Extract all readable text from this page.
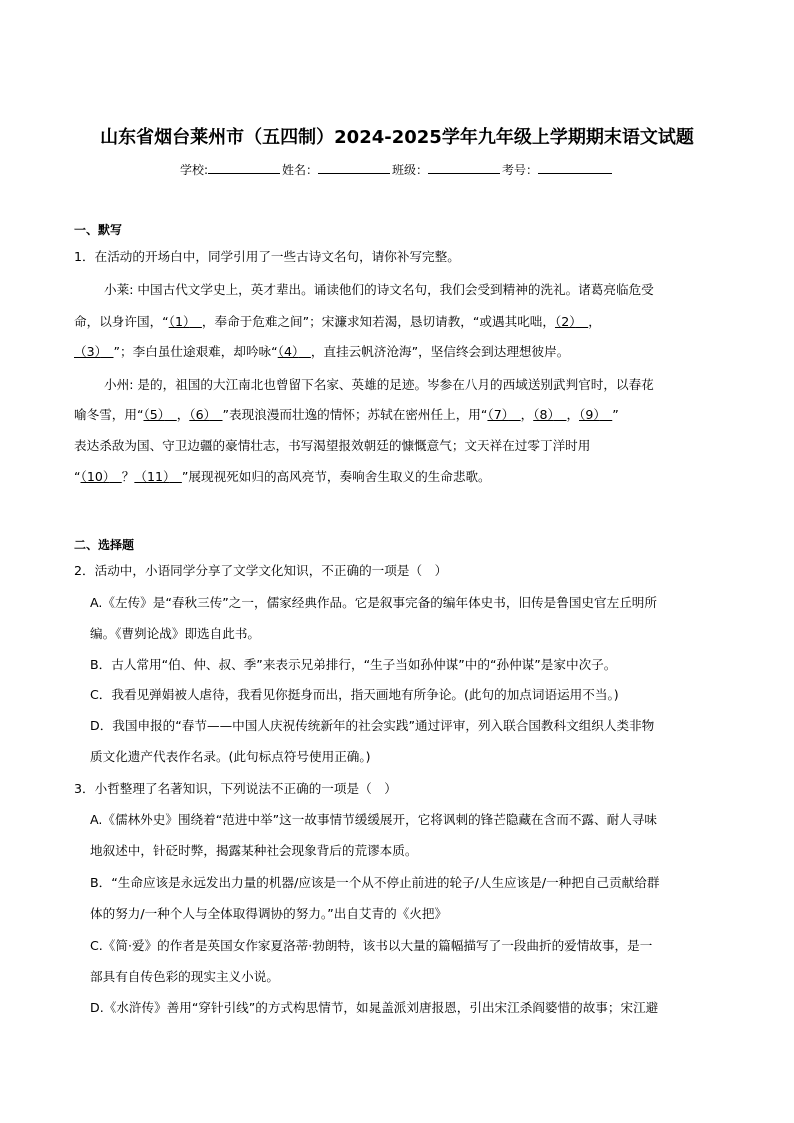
山东省烟台莱州市（五四制）2024-2025学年九年级上学期期末语文试题
学校:	姓名：	班级：	考号：
一、默写
1．在活动的开场白中，同学引用了一些古诗文名句，请你补写完整。
小莱: 中国古代文学史上，英才辈出。诵读他们的诗文名句，我们会受到精神的洗礼。诸葛亮临危受
命，以身许国，“（1）　 ，奉命于危难之间”；宋濂求知若渴，恳切请教，“或遇其叱咄，（2）　 ，
（3）　 ”；李白虽仕途艰难，却吟咏“（4）　 ，直挂云帆济沧海”，坚信终会到达理想彼岸。
小州: 是的，祖国的大江南北也曾留下名家、英雄的足迹。岑参在八月的西域送别武判官时，以春花
喻冬雪，用“（5）　 ，（6）　 ”表现浪漫而壮逸的情怀；苏轼在密州任上，用“（7）　 ，（8）　 ，（9）　 ”
表达杀敌为国、守卫边疆的豪情壮志，书写渴望报效朝廷的慷慨意气；文天祥在过零丁洋时用
“（10）　 ？（11）　 ”展现视死如归的高风亮节，奏响舍生取义的生命悲歌。
二、选择题
2．活动中，小语同学分享了文学文化知识，不正确的一项是（　）
A.《左传》是“春秋三传”之一，儒家经典作品。它是叙事完备的编年体史书，旧传是鲁国史官左丘明所
编。《曹刿论战》即选自此书。
B．古人常用“伯、仲、叔、季”来表示兄弟排行，“生子当如孙仲谋”中的“孙仲谋”是家中次子。
C．我看见弹娟被人虐待，我看见你挺身而出，指天画地有所争论。(此句的加点词语运用不当。)
D．我国申报的“春节——中国人庆祝传统新年的社会实践”通过评审，列入联合国教科文组织人类非物
质文化遗产代表作名录。(此句标点符号使用正确。)
3．小哲整理了名著知识，下列说法不正确的一项是（　）
A.《儒林外史》围绕着“范进中举”这一故事情节缓缓展开，它将讽刺的锋芒隐藏在含而不露、耐人寻味
地叙述中，针砭时弊，揭露某种社会现象背后的荒谬本质。
B．“生命应该是永远发出力量的机器/应该是一个从不停止前进的轮子/人生应该是/一种把自己贡献给群
体的努力/一种个人与全体取得调协的努力。”出自艾青的《火把》
C.《简·爱》的作者是英国女作家夏洛蒂·勃朗特，该书以大量的篇幅描写了一段曲折的爱情故事，是一
部具有自传色彩的现实主义小说。
D.《水浒传》善用“穿针引线”的方式构思情节，如晁盖派刘唐报恩，引出宋江杀阎婆惜的故事；宋江避
